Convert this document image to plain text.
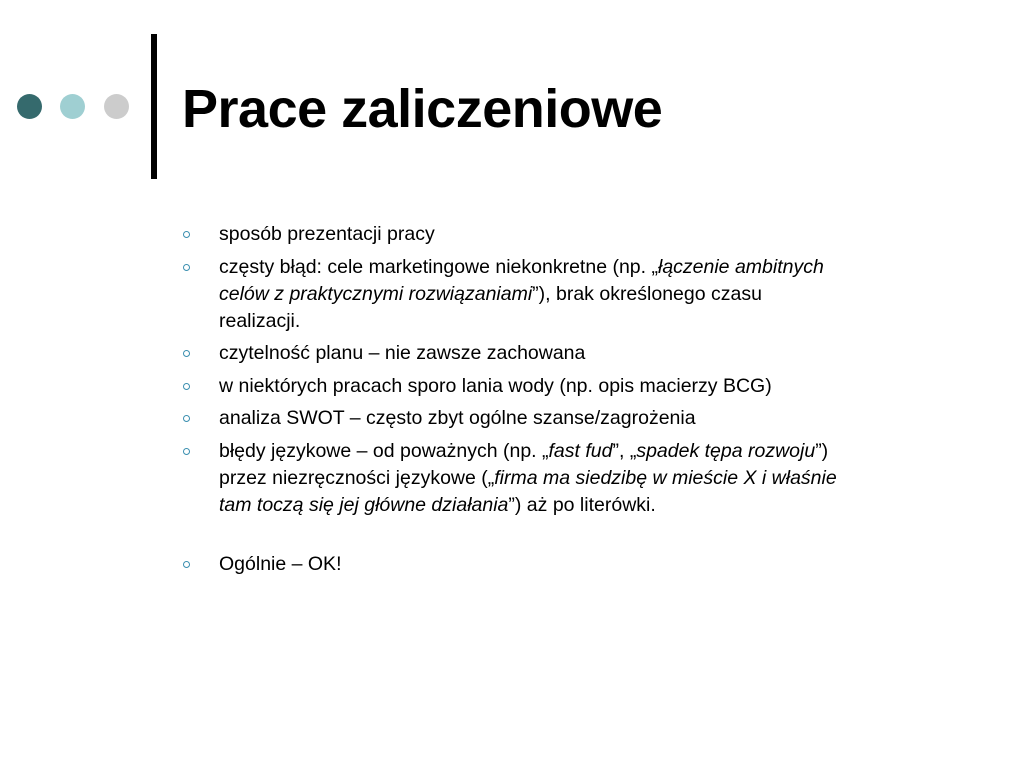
Prace zaliczeniowe
sposób prezentacji pracy
częsty błąd: cele marketingowe niekonkretne (np. „łączenie ambitnych
celów z praktycznymi rozwiązaniami”), brak określonego czasu
realizacji.
czytelność planu – nie zawsze zachowana
w niektórych pracach sporo lania wody (np. opis macierzy BCG)
analiza SWOT – często zbyt ogólne szanse/zagrożenia
błędy językowe – od poważnych (np. „fast fud”, „spadek tępa rozwoju”)
przez niezręczności językowe („firma ma siedzibę w mieście X i właśnie
tam toczą się jej główne działania”) aż po literówki.
Ogólnie – OK!
